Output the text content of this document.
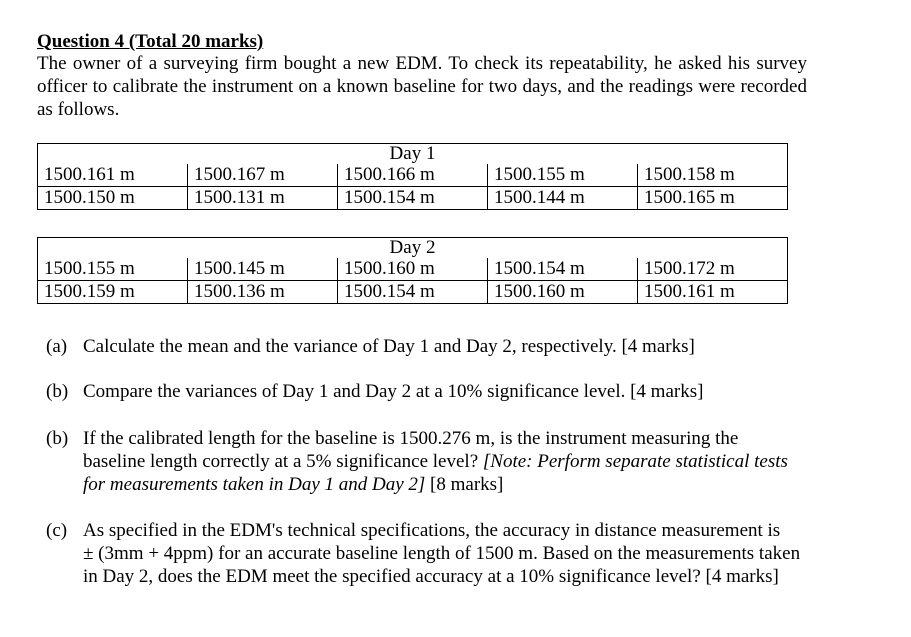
Question 4 (Total 20 marks)

The owner of a surveying firm bought a new EDM. To check its repeatability, he asked his survey officer to calibrate the instrument on a known baseline for two days, and the readings were recorded as follows.

Day 1				
1500.161 m	1500.167 m	1500.166 m	1500.155 m	1500.158 m
1500.150 m	1500.131 m	1500.154 m	1500.144 m	1500.165 m
Day 2				
1500.155 m	1500.145 m	1500.160 m	1500.154 m	1500.172 m
1500.159 m	1500.136 m	1500.154 m	1500.160 m	1500.161 m
(a) Calculate the mean and the variance of Day 1 and Day 2, respectively. [4 marks]
(b) Compare the variances of Day 1 and Day 2 at a 10% significance level. [4 marks]
(b) If the calibrated length for the baseline is 1500.276 m, is the instrument measuring the
baseline length correctly at a 5% significance level? [Note: Perform separate statistical tests
for measurements taken in Day 1 and Day 2] [8 marks]
(c) As specified in the EDM's technical specifications, the accuracy in distance measurement is
± (3mm + 4ppm) for an accurate baseline length of 1500 m. Based on the measurements taken
in Day 2, does the EDM meet the specified accuracy at a 10% significance level? [4 marks]
